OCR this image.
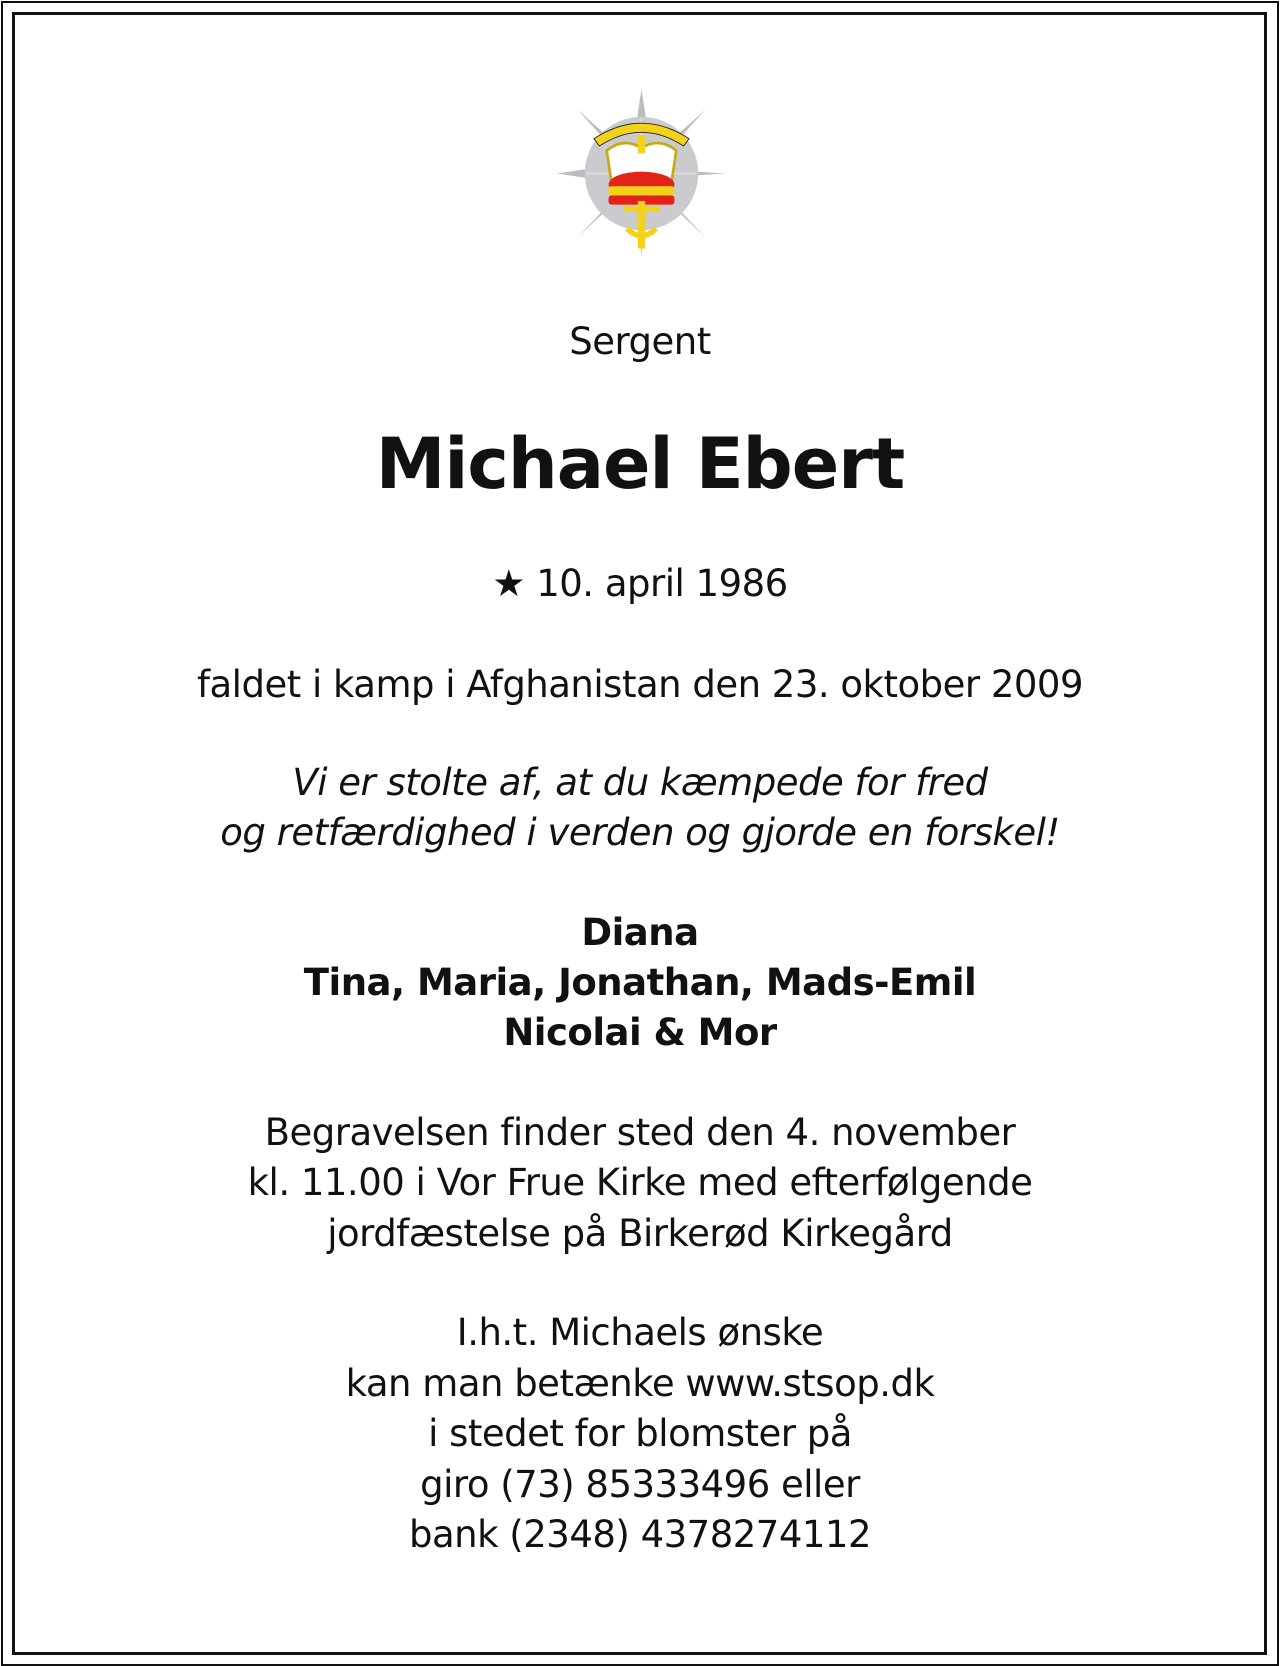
Sergent
Michael Ebert
★ 10. april 1986
faldet i kamp i Afghanistan den 23. oktober 2009
Vi er stolte af, at du kæmpede for fred
og retfærdighed i verden og gjorde en forskel!
Diana
Tina, Maria, Jonathan, Mads-Emil
Nicolai & Mor
Begravelsen finder sted den 4. november
kl. 11.00 i Vor Frue Kirke med efterfølgende
jordfæstelse på Birkerød Kirkegård
I.h.t. Michaels ønske
kan man betænke www.stsop.dk
i stedet for blomster på
giro (73) 85333496 eller
bank (2348) 4378274112
